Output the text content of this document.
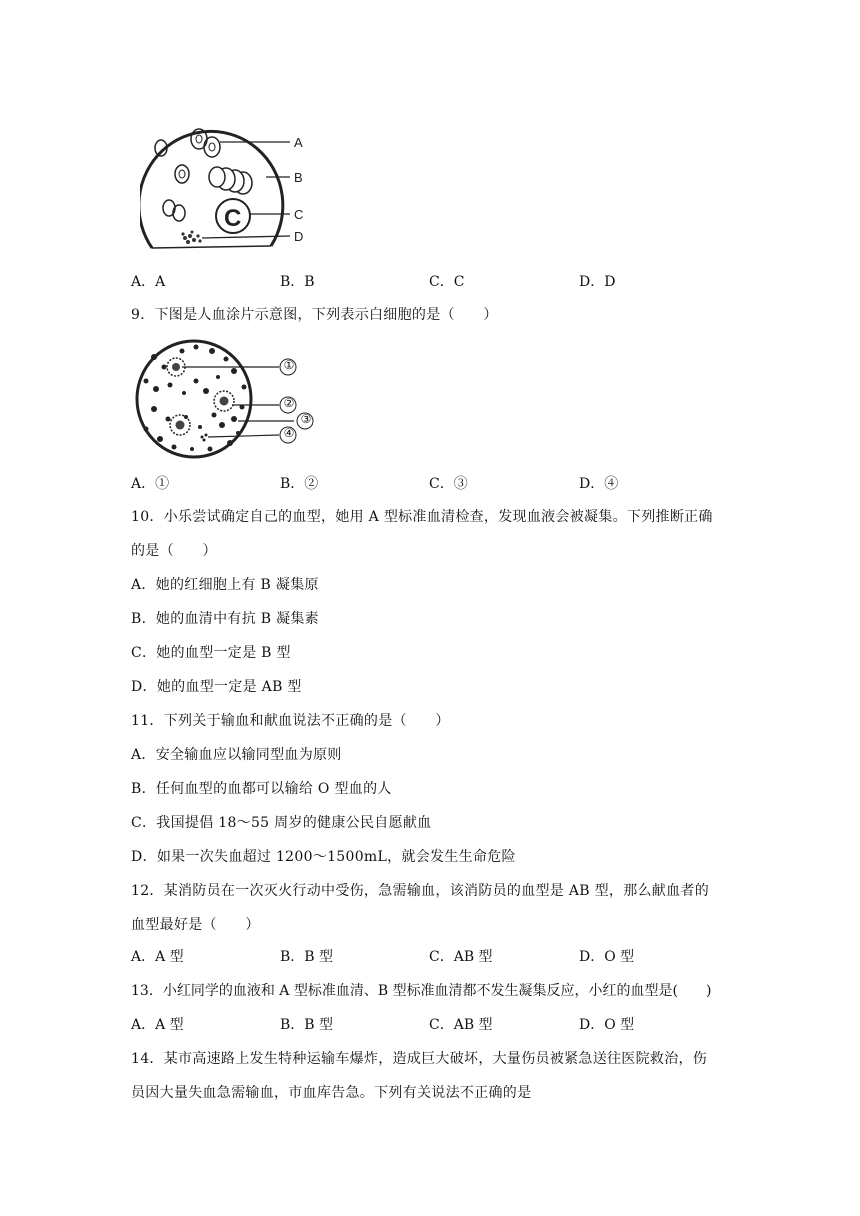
C
A
B
C
D
A．A	B．B	C．C	D．D
9．下图是人血涂片示意图，下列表示白细胞的是（　　）
A．①	B．②	C．③	D．④
10．小乐尝试确定自己的血型，她用 A 型标准血清检查，发现血液会被凝集。下列推断正确
的是（　　）
A．她的红细胞上有 B 凝集原
B．她的血清中有抗 B 凝集素
C．她的血型一定是 B 型
D．她的血型一定是 AB 型
11．下列关于输血和献血说法不正确的是（　　）
A．安全输血应以输同型血为原则
B．任何血型的血都可以输给 O 型血的人
C．我国提倡 18～55 周岁的健康公民自愿献血
D．如果一次失血超过 1200～1500mL，就会发生生命危险
12．某消防员在一次灭火行动中受伤，急需输血，该消防员的血型是 AB 型，那么献血者的
血型最好是（　　）
A．A 型	B．B 型	C．AB 型	D．O 型
13．小红同学的血液和 A 型标准血清、B 型标准血清都不发生凝集反应，小红的血型是(　　)
A．A 型	B．B 型	C．AB 型	D．O 型
14．某市高速路上发生特种运输车爆炸，造成巨大破坏，大量伤员被紧急送往医院救治，伤
员因大量失血急需输血，市血库告急。下列有关说法不正确的是
①
②
③
④
